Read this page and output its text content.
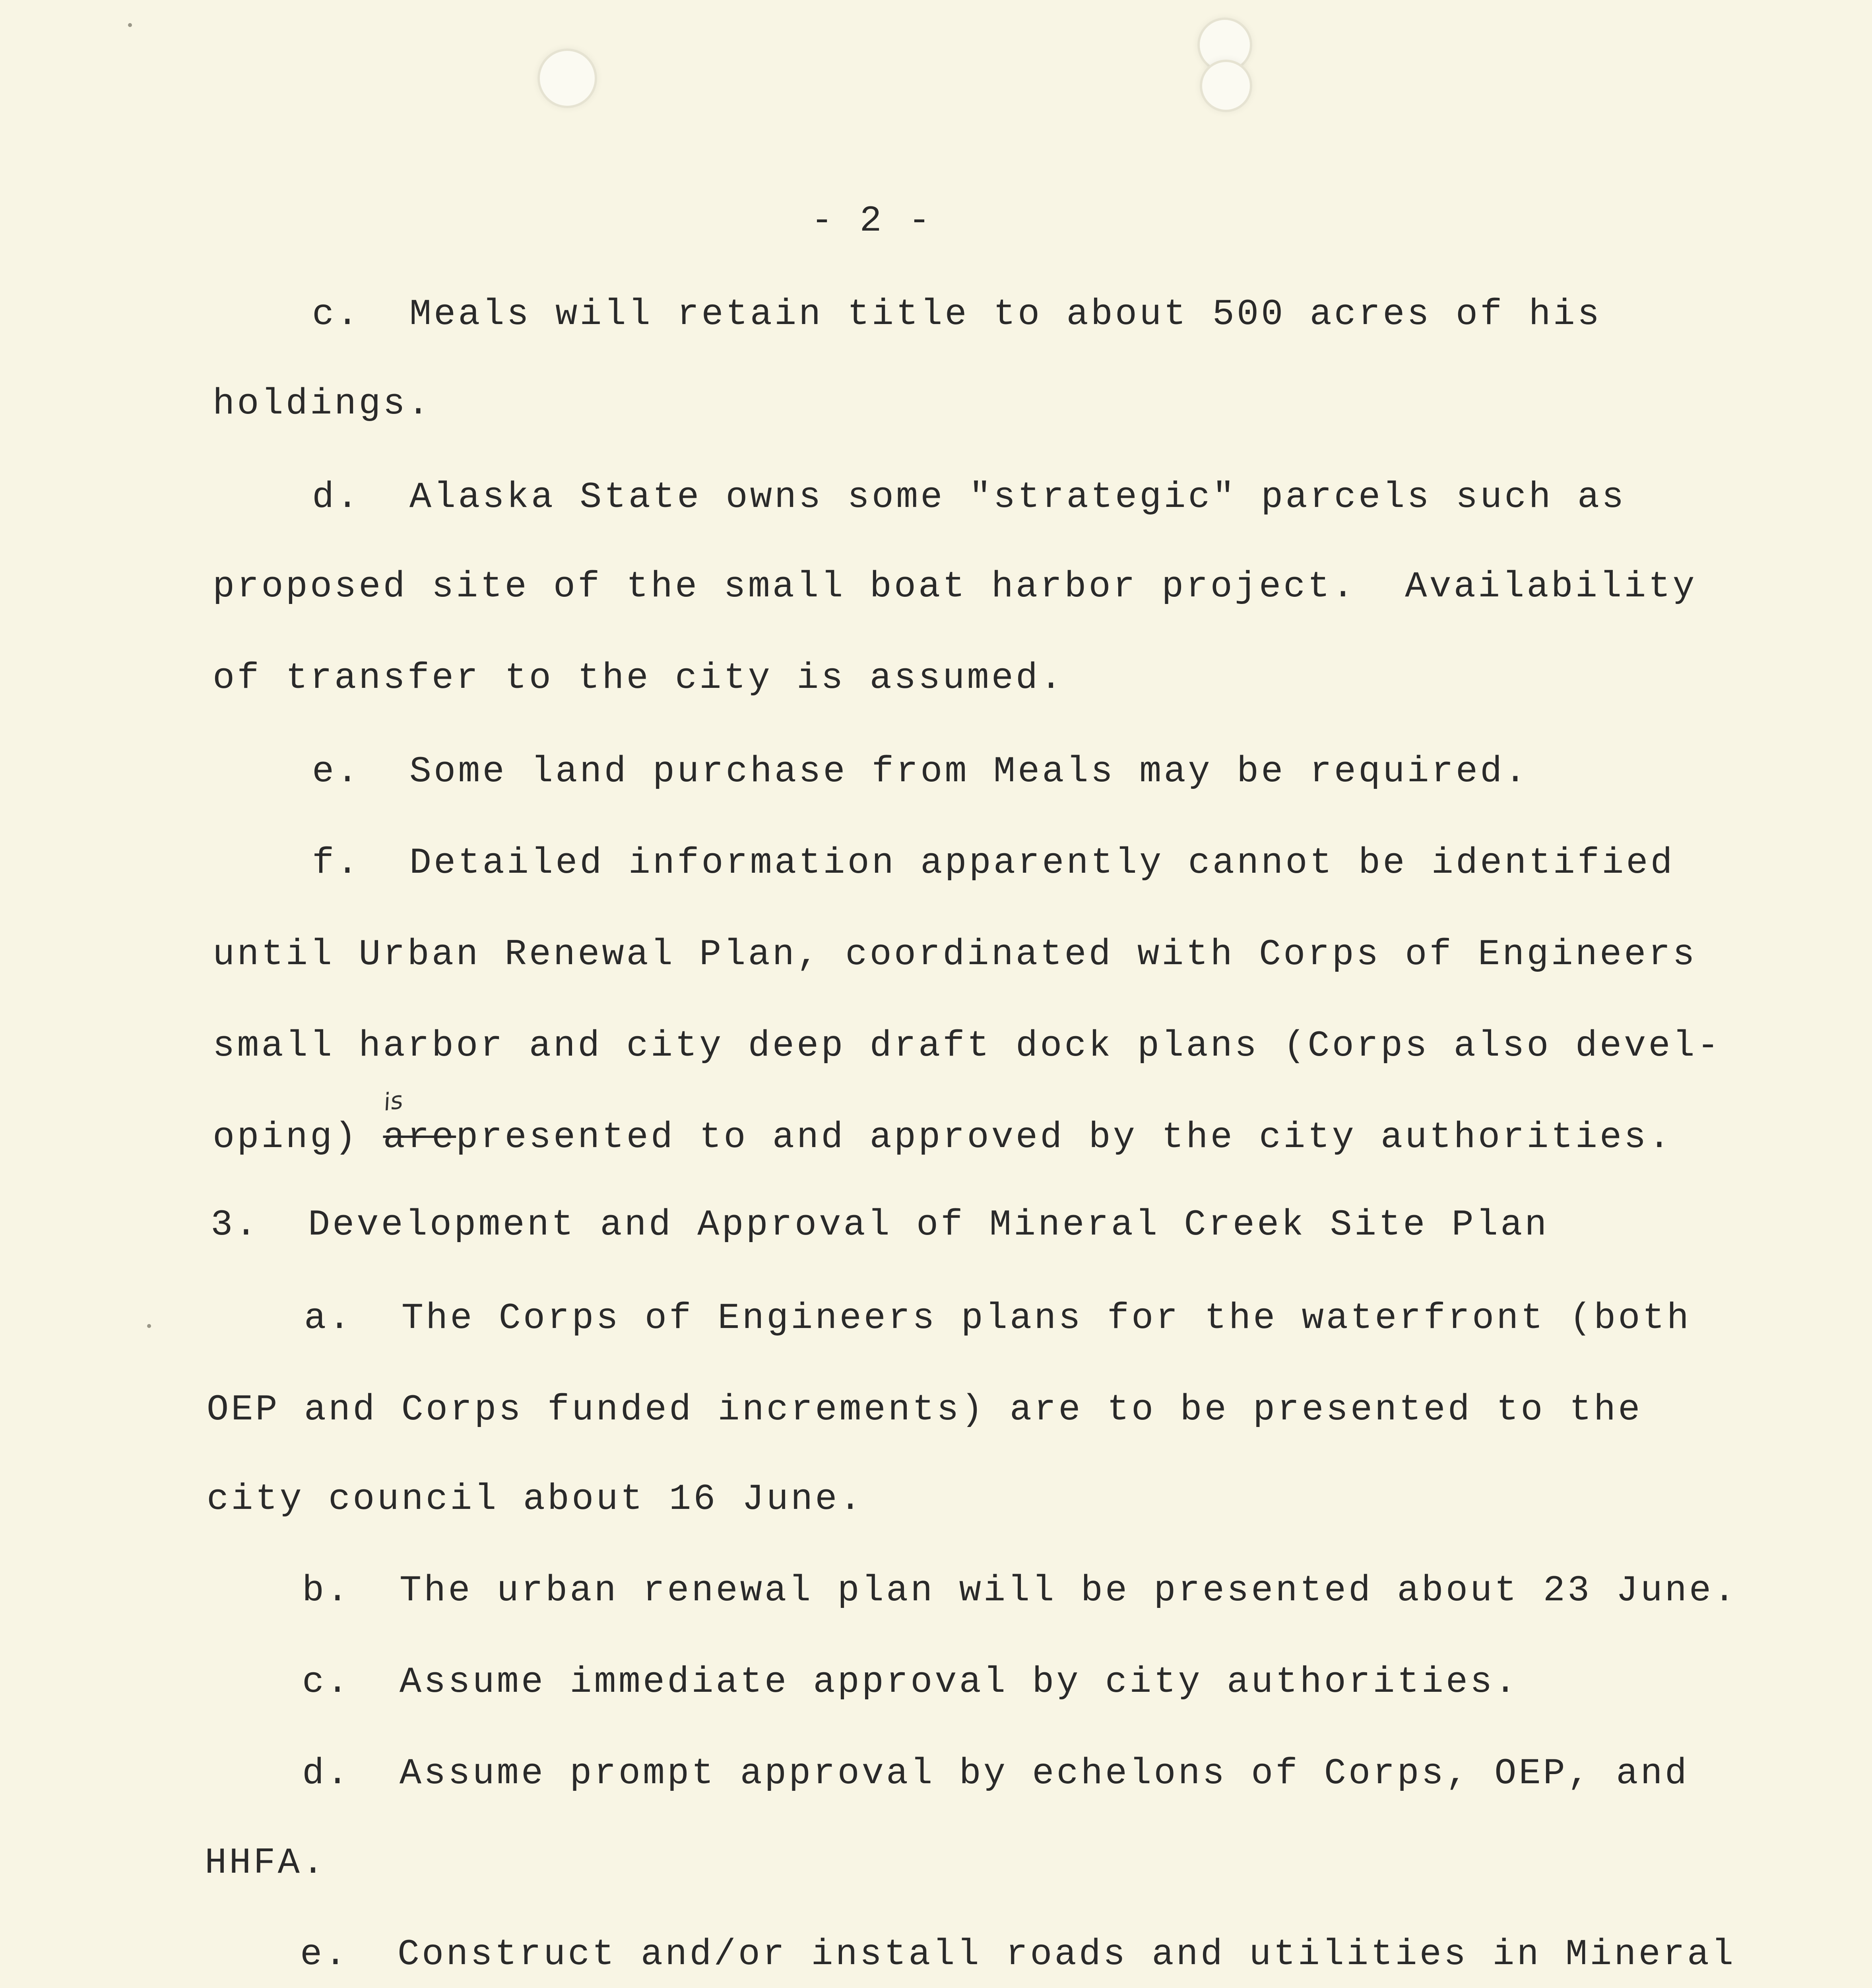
- 2 -
c.  Meals will retain title to about 500 acres of his
holdings.
d.  Alaska State owns some "strategic" parcels such as
proposed site of the small boat harbor project.  Availability
of transfer to the city is assumed.
e.  Some land purchase from Meals may be required.
f.  Detailed information apparently cannot be identified
until Urban Renewal Plan, coordinated with Corps of Engineers
small harbor and city deep draft dock plans (Corps also devel-
is
oping) arepresented to and approved by the city authorities.
3.  Development and Approval of Mineral Creek Site Plan
a.  The Corps of Engineers plans for the waterfront (both
OEP and Corps funded increments) are to be presented to the
city council about 16 June.
b.  The urban renewal plan will be presented about 23 June.
c.  Assume immediate approval by city authorities.
d.  Assume prompt approval by echelons of Corps, OEP, and
HHFA.
e.  Construct and/or install roads and utilities in Mineral
